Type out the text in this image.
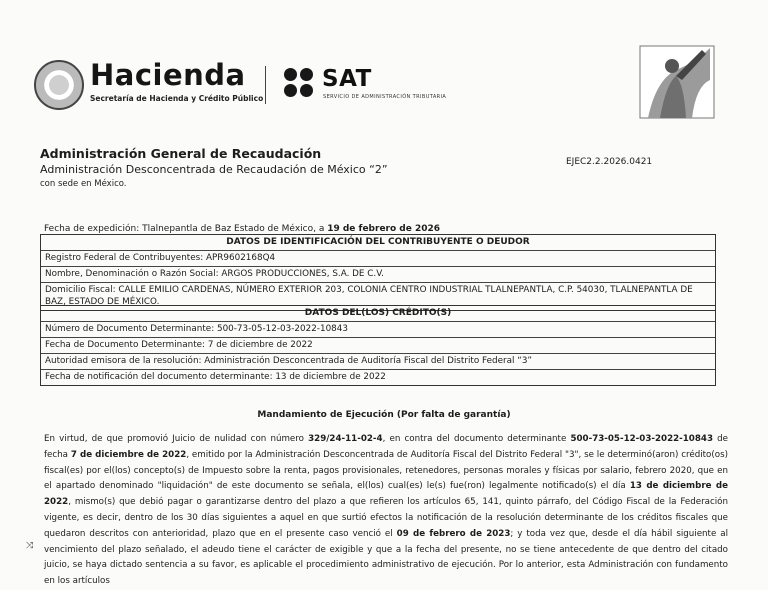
Hacienda
Secretaría de Hacienda y Crédito Público
SAT
SERVICIO DE ADMINISTRACIÓN TRIBUTARIA
Administración General de Recaudación
Administración Desconcentrada de Recaudación de México “2”
con sede en México.
EJEC2.2.2026.0421
Fecha de expedición: Tlalnepantla de Baz Estado de México, a 19 de febrero de 2026
DATOS DE IDENTIFICACIÓN DEL CONTRIBUYENTE O DEUDOR
Registro Federal de Contribuyentes: APR9602168Q4
Nombre, Denominación o Razón Social: ARGOS PRODUCCIONES, S.A. DE C.V.
Domicilio Fiscal: CALLE EMILIO CARDENAS, NÚMERO EXTERIOR 203, COLONIA CENTRO INDUSTRIAL TLALNEPANTLA, C.P. 54030, TLALNEPANTLA DE BAZ, ESTADO DE MÉXICO.
DATOS DEL(LOS) CRÉDITO(S)
Número de Documento Determinante: 500-73-05-12-03-2022-10843
Fecha de Documento Determinante: 7 de diciembre de 2022
Autoridad emisora de la resolución: Administración Desconcentrada de Auditoría Fiscal del Distrito Federal “3”
Fecha de notificación del documento determinante: 13 de diciembre de 2022
Mandamiento de Ejecución (Por falta de garantía)
En virtud, de que promovió Juicio de nulidad con número 329/24-11-02-4, en contra del documento determinante 500-73-05-12-03-2022-10843 de fecha 7 de diciembre de 2022, emitido por la Administración Desconcentrada de Auditoría Fiscal del Distrito Federal "3", se le determinó(aron) crédito(os) fiscal(es) por el(los) concepto(s) de Impuesto sobre la renta, pagos provisionales, retenedores, personas morales y físicas por salario, febrero 2020, que en el apartado denominado "liquidación" de este documento se señala, el(los) cual(es) le(s) fue(ron) legalmente notificado(s) el día 13 de diciembre de 2022, mismo(s) que debió pagar o garantizarse dentro del plazo a que refieren los artículos 65, 141, quinto párrafo, del Código Fiscal de la Federación vigente, es decir, dentro de los 30 días siguientes a aquel en que surtió efectos la notificación de la resolución determinante de los créditos fiscales que quedaron descritos con anterioridad, plazo que en el presente caso venció el 09 de febrero de 2023; y toda vez que, desde el día hábil siguiente al vencimiento del plazo señalado, el adeudo tiene el carácter de exigible y que a la fecha del presente, no se tiene antecedente de que dentro del citado juicio, se haya dictado sentencia a su favor, es aplicable el procedimiento administrativo de ejecución. Por lo anterior, esta Administración con fundamento en los artículos
⤨
